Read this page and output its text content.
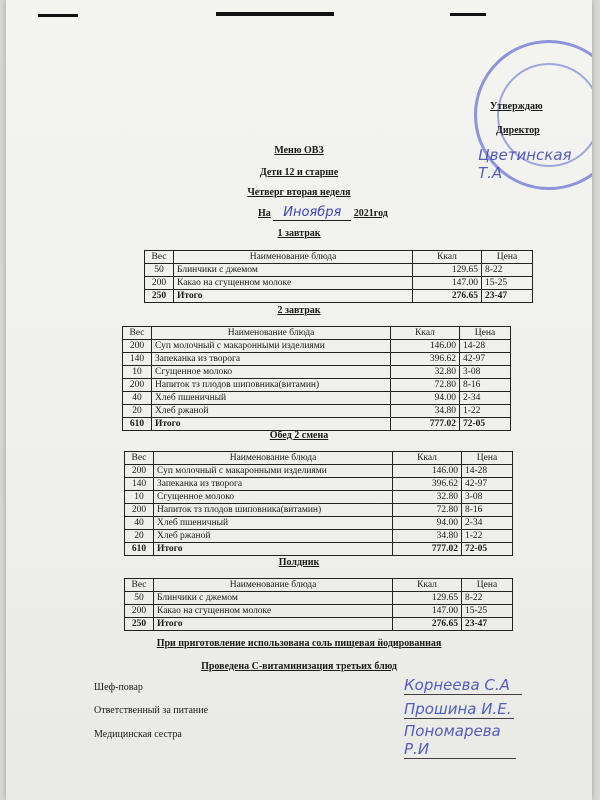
Утверждаю
Директор
Цветинская Т.А
Меню ОВЗ
Дети 12 и старше
Четверг вторая неделя
На Иноября 2021год
1 завтрак
Вес	Наименование блюда	Ккал	Цена
50	Блинчики с джемом	129.65	8-22
200	Какао на сгущенном молоке	147.00	15-25
250	Итого	276.65	23-47
2 завтрак
Вес	Наименование блюда	Ккал	Цена
200	Суп молочный с макаронными изделиями	146.00	14-28
140	Запеканка из творога	396.62	42-97
10	Сгущенное молоко	32.80	3-08
200	Напиток тз плодов шиповника(витамин)	72.80	8-16
40	Хлеб пшеничный	94.00	2-34
20	Хлеб ржаной	34.80	1-22
610	Итого	777.02	72-05
Обед 2 смена
Вес	Наименование блюда	Ккал	Цена
200	Суп молочный с макаронными изделиями	146.00	14-28
140	Запеканка из творога	396.62	42-97
10	Сгущенное молоко	32.80	3-08
200	Напиток тз плодов шиповника(витамин)	72.80	8-16
40	Хлеб пшеничный	94.00	2-34
20	Хлеб ржаной	34.80	1-22
610	Итого	777.02	72-05
Полдник
Вес	Наименование блюда	Ккал	Цена
50	Блинчики с джемом	129.65	8-22
200	Какао на сгущенном молоке	147.00	15-25
250	Итого	276.65	23-47
При приготовление использована соль пищевая йодированная
Проведена С-витаминизация третьих блюд
Шеф-повар	Корнеева С.А
Ответственный за питание	Прошина И.Е.
Медицинская сестра	Пономарева Р.И
